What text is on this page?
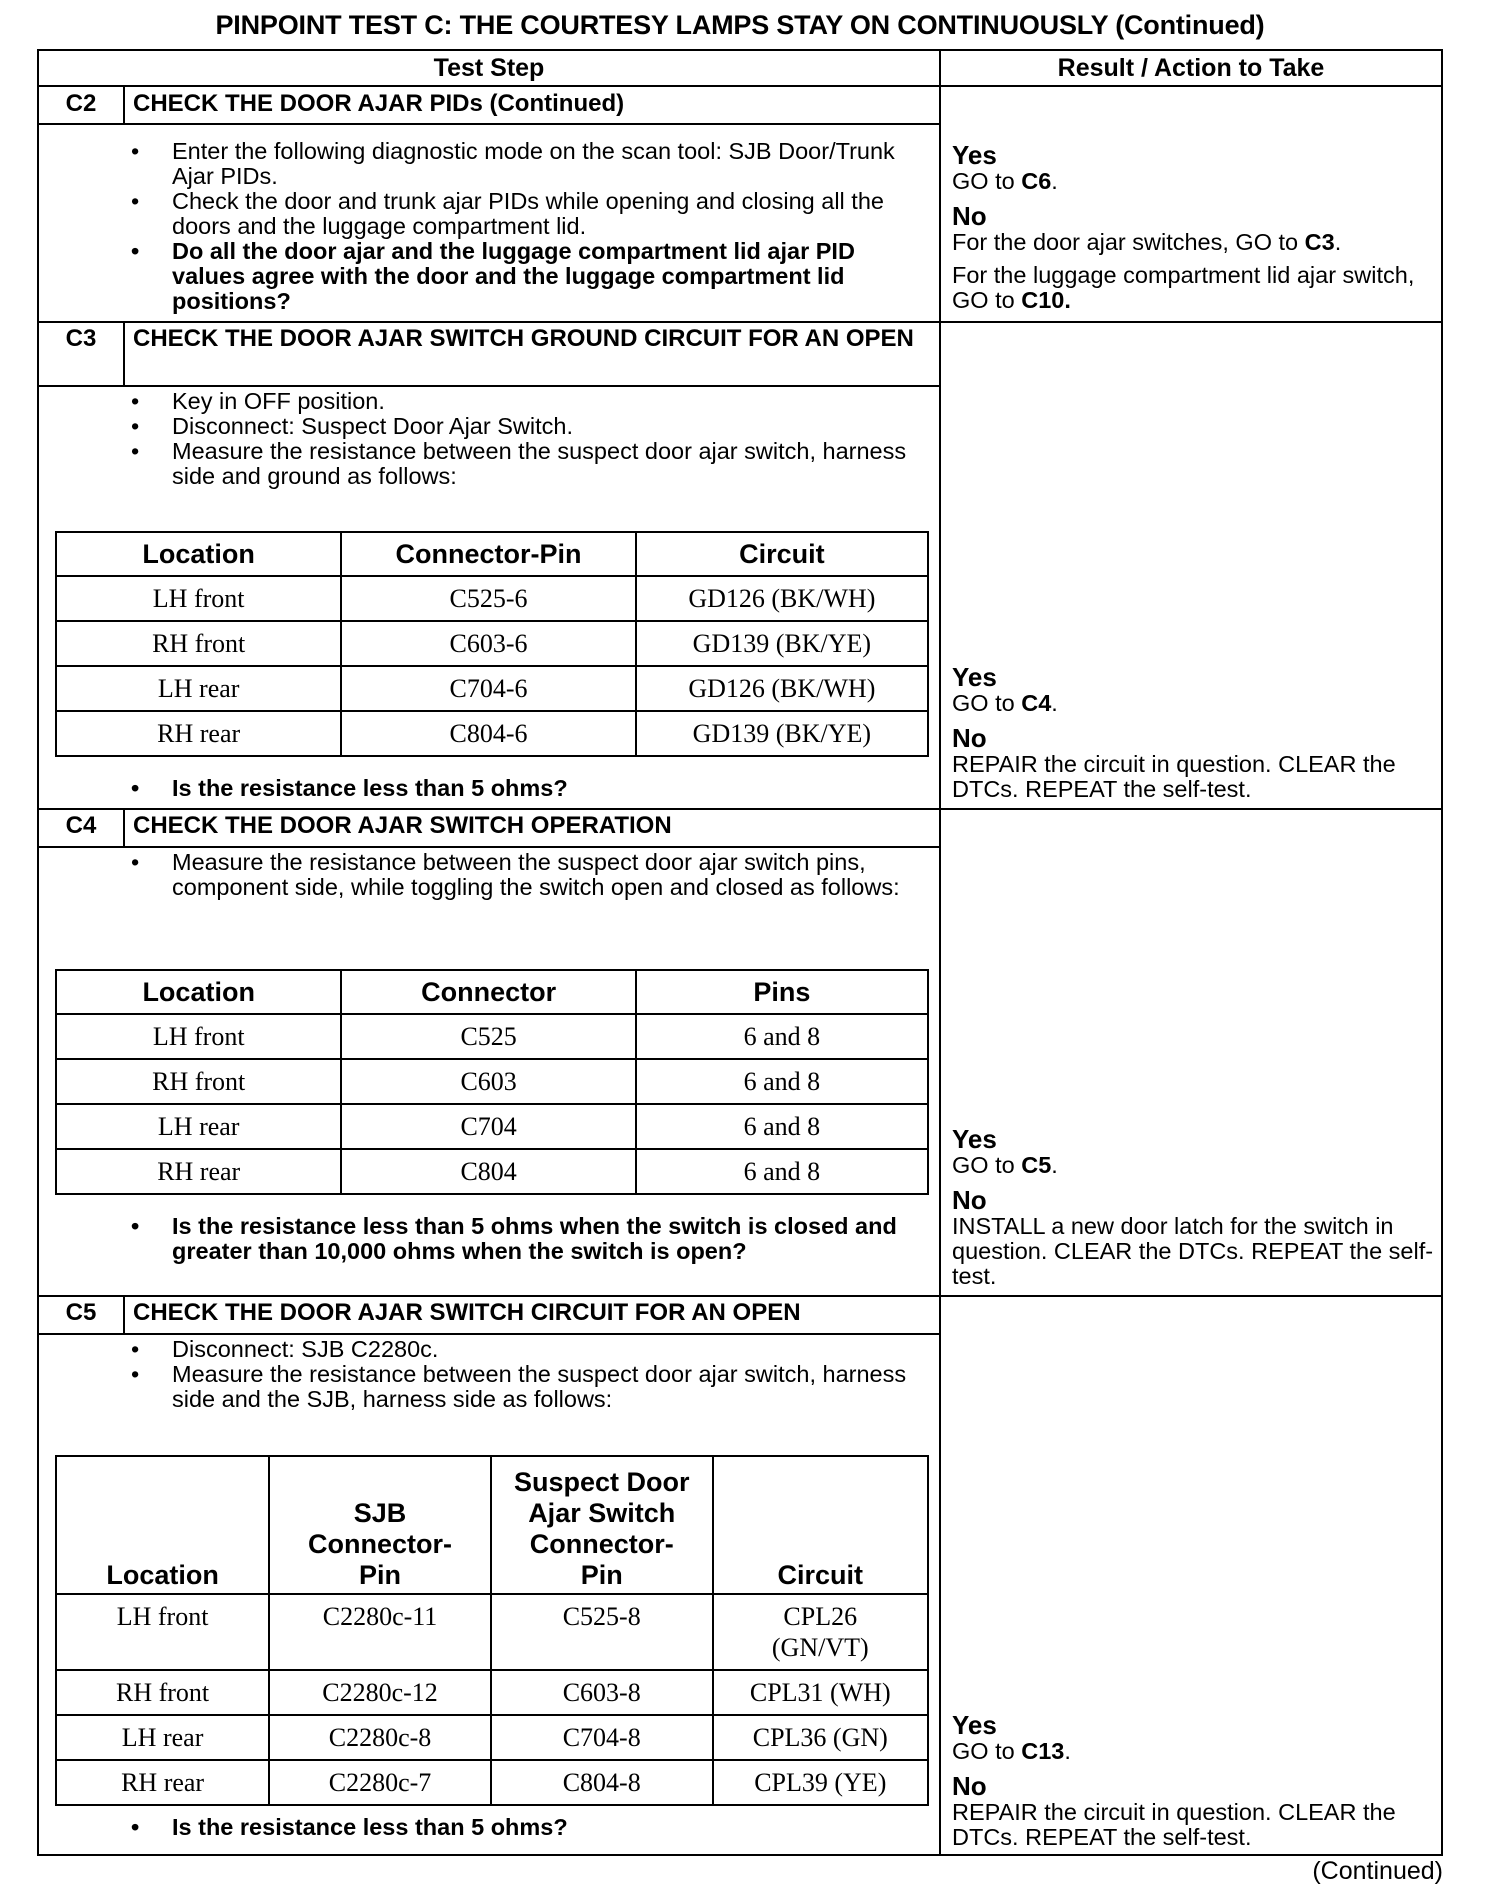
PINPOINT TEST C: THE COURTESY LAMPS STAY ON CONTINUOUSLY (Continued)
Test Step	Result / Action to Take
C2	CHECK THE DOOR AJAR PIDs (Continued)
• Enter the following diagnostic mode on the scan tool: SJB Door/Trunk Ajar PIDs.
• Check the door and trunk ajar PIDs while opening and closing all the doors and the luggage compartment lid.
• Do all the door ajar and the luggage compartment lid ajar PID values agree with the door and the luggage compartment lid positions?

Yes

GO to C6.

No

For the door ajar switches, GO to C3.

For the luggage compartment lid ajar switch, GO to C10.

C3	CHECK THE DOOR AJAR SWITCH GROUND CIRCUIT FOR AN OPEN
• Key in OFF position.
• Disconnect: Suspect Door Ajar Switch.
• Measure the resistance between the suspect door ajar switch, harness side and ground as follows:
Location	Connector-Pin	Circuit
LH front	C525-6	GD126 (BK/WH)
RH front	C603-6	GD139 (BK/YE)
LH rear	C704-6	GD126 (BK/WH)
RH rear	C804-6	GD139 (BK/YE)
• Is the resistance less than 5 ohms?

Yes

GO to C4.

No

REPAIR the circuit in question. CLEAR the DTCs. REPEAT the self-test.

C4	CHECK THE DOOR AJAR SWITCH OPERATION
• Measure the resistance between the suspect door ajar switch pins, component side, while toggling the switch open and closed as follows:
Location	Connector	Pins
LH front	C525	6 and 8
RH front	C603	6 and 8
LH rear	C704	6 and 8
RH rear	C804	6 and 8
• Is the resistance less than 5 ohms when the switch is closed and greater than 10,000 ohms when the switch is open?

Yes

GO to C5.

No

INSTALL a new door latch for the switch in question. CLEAR the DTCs. REPEAT the self-test.

C5	CHECK THE DOOR AJAR SWITCH CIRCUIT FOR AN OPEN
• Disconnect: SJB C2280c.
• Measure the resistance between the suspect door ajar switch, harness side and the SJB, harness side as follows:
Location	SJB Connector-Pin	Suspect Door Ajar Switch Connector-Pin	Circuit
LH front	C2280c-11	C525-8	CPL26 (GN/VT)
RH front	C2280c-12	C603-8	CPL31 (WH)
LH rear	C2280c-8	C704-8	CPL36 (GN)
RH rear	C2280c-7	C804-8	CPL39 (YE)
• Is the resistance less than 5 ohms?

Yes

GO to C13.

No

REPAIR the circuit in question. CLEAR the DTCs. REPEAT the self-test.

(Continued)
